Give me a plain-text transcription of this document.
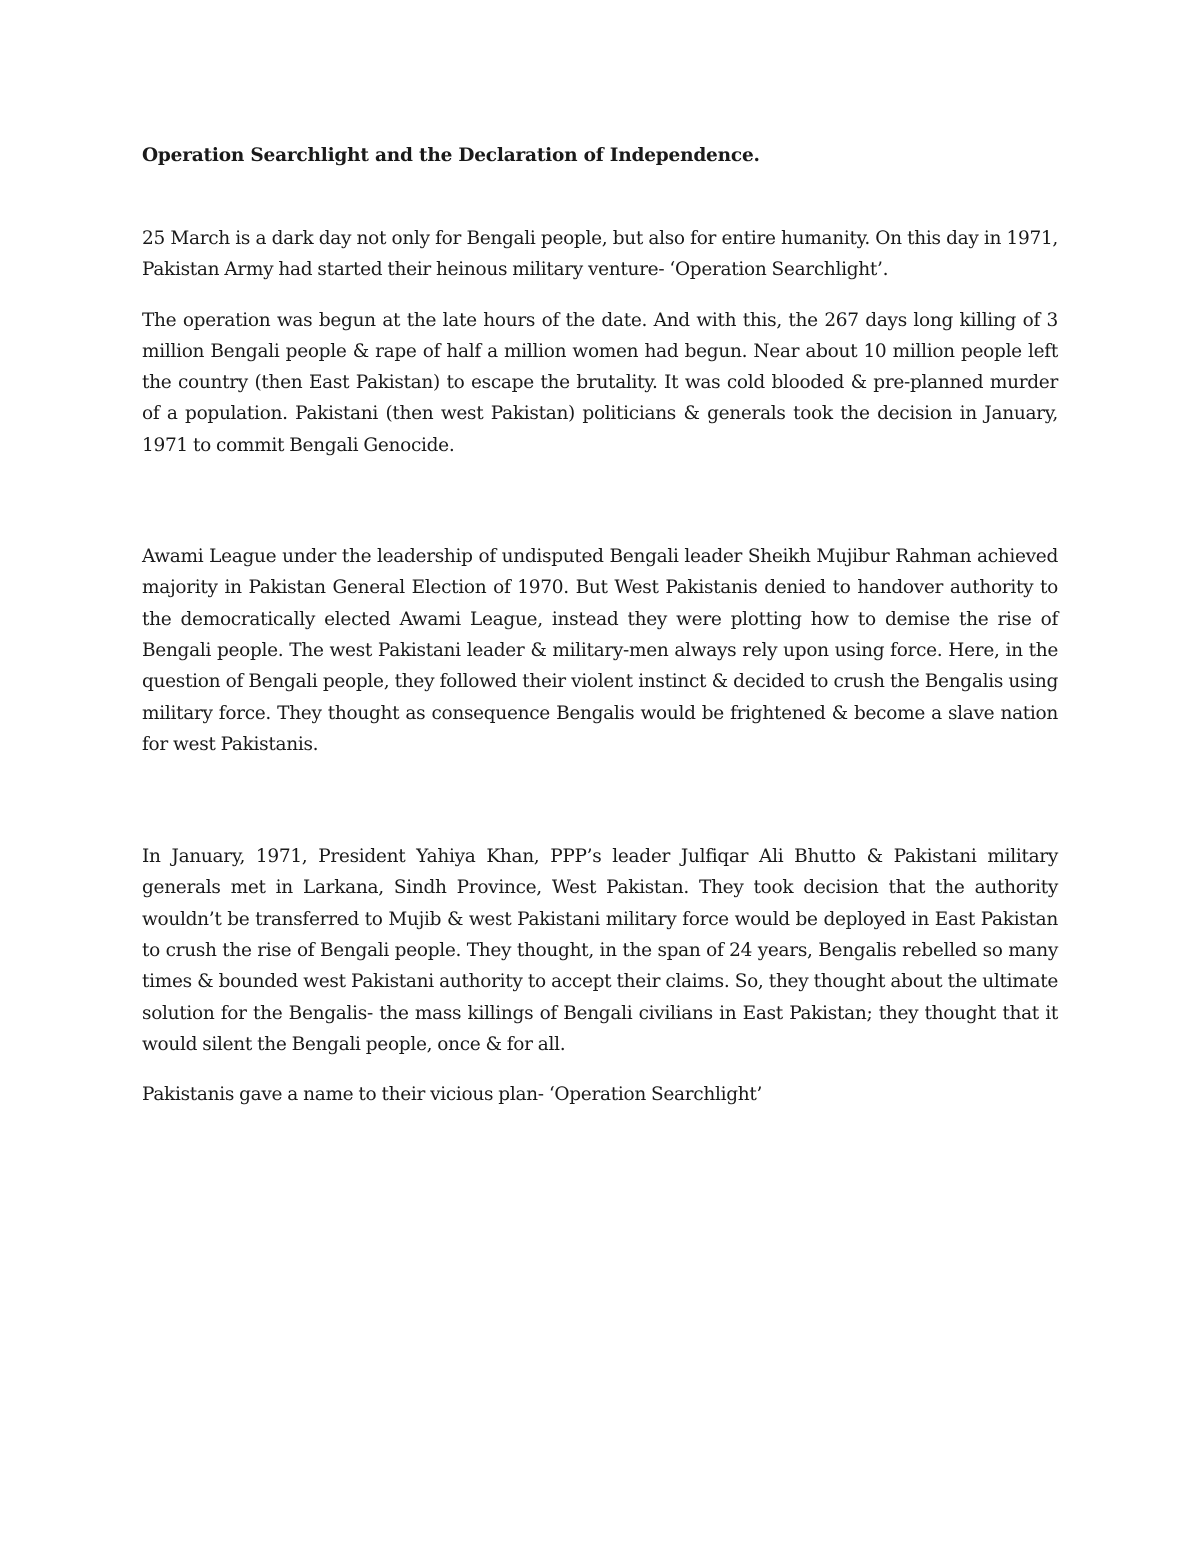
Operation Searchlight and the Declaration of Independence.

25 March is a dark day not only for Bengali people, but also for entire humanity. On this day in 1971, Pakistan Army had started their heinous military venture- ‘Operation Searchlight’.

The operation was begun at the late hours of the date. And with this, the 267 days long killing of 3 million Bengali people & rape of half a million women had begun. Near about 10 million people left the country (then East Pakistan) to escape the brutality. It was cold blooded & pre-planned murder of a population. Pakistani (then west Pakistan) politicians & generals took the decision in January, 1971 to commit Bengali Genocide.

Awami League under the leadership of undisputed Bengali leader Sheikh Mujibur Rahman achieved majority in Pakistan General Election of 1970. But West Pakistanis denied to handover authority to the democratically elected Awami League, instead they were plotting how to demise the rise of Bengali people. The west Pakistani leader & military-men always rely upon using force. Here, in the question of Bengali people, they followed their violent instinct & decided to crush the Bengalis using military force. They thought as consequence Bengalis would be frightened & become a slave nation for west Pakistanis.

In January, 1971, President Yahiya Khan, PPP’s leader Julfiqar Ali Bhutto & Pakistani military generals met in Larkana, Sindh Province, West Pakistan. They took decision that the authority wouldn’t be transferred to Mujib & west Pakistani military force would be deployed in East Pakistan to crush the rise of Bengali people. They thought, in the span of 24 years, Bengalis rebelled so many times & bounded west Pakistani authority to accept their claims. So, they thought about the ultimate solution for the Bengalis- the mass killings of Bengali civilians in East Pakistan; they thought that it would silent the Bengali people, once & for all.

Pakistanis gave a name to their vicious plan- ‘Operation Searchlight’
